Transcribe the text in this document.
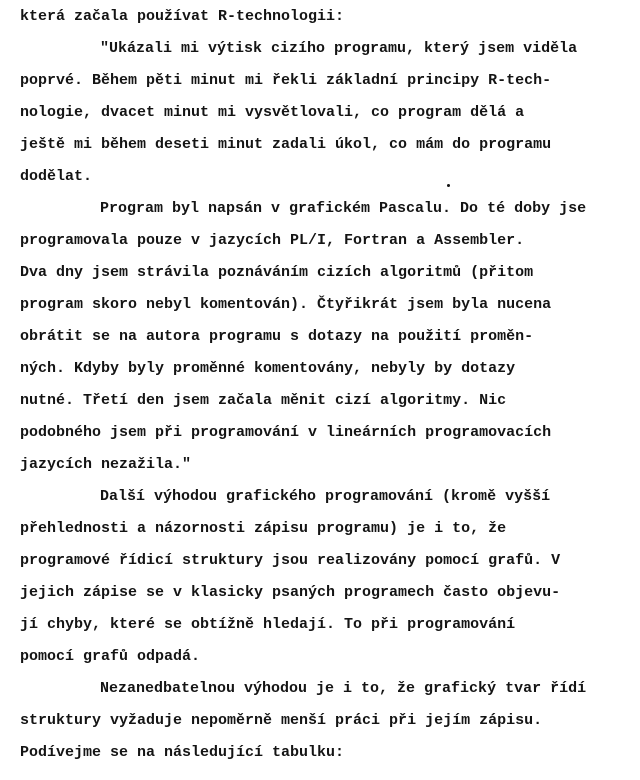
která začala používat R-technologii:
"Ukázali mi výtisk cizího programu, který jsem viděla
poprvé. Během pěti minut mi řekli základní principy R-tech-
nologie, dvacet minut mi vysvětlovali, co program dělá a
ještě mi během deseti minut zadali úkol, co mám do programu
dodělat.
Program byl napsán v grafickém Pascalu. Do té doby jse
programovala pouze v jazycích PL/I, Fortran a Assembler.
Dva dny jsem strávila poznáváním cizích algoritmů (přitom
program skoro nebyl komentován). Čtyřikrát jsem byla nucena
obrátit se na autora programu s dotazy na použití proměn-
ných. Kdyby byly proměnné komentovány, nebyly by dotazy
nutné. Třetí den jsem začala měnit cizí algoritmy. Nic
podobného jsem při programování v lineárních programovacích
jazycích nezažila."
Další výhodou grafického programování (kromě vyšší
přehlednosti a názornosti zápisu programu) je i to, že
programové řídicí struktury jsou realizovány pomocí grafů. V
jejich zápise se v klasicky psaných programech často objevu-
jí chyby, které se obtížně hledají. To při programování
pomocí grafů odpadá.
Nezanedbatelnou výhodou je i to, že grafický tvar řídí
struktury vyžaduje nepoměrně menší práci při jejím zápisu.
Podívejme se na následující tabulku:
